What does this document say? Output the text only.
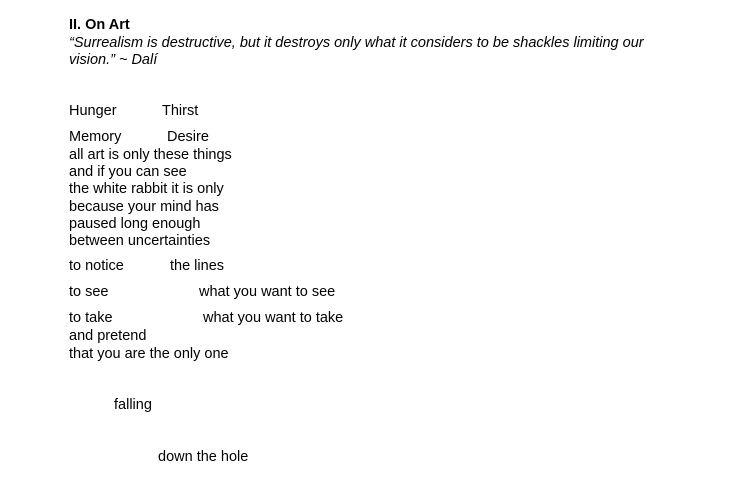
II. On Art
“Surrealism is destructive, but it destroys only what it considers to be shackles limiting our vision.” ~ Dalí
Hunger	Thirst
Memory	Desire
all art is only these things
and if you can see
the white rabbit it is only
because your mind has
paused long enough
between uncertainties
to notice	the lines
to see	what you want to see
to take	what you want to take
and pretend
that you are the only one
falling
down the hole
